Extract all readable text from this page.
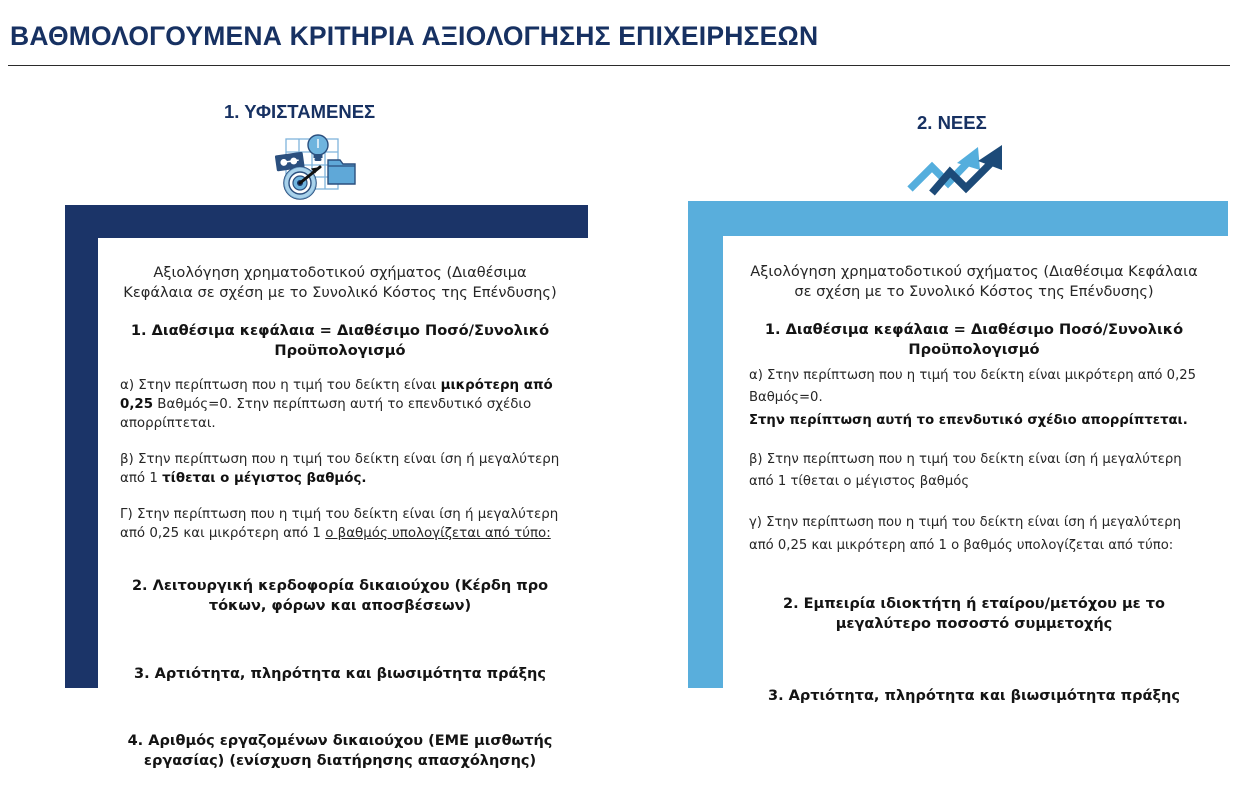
ΒΑΘΜΟΛΟΓΟΥΜΕΝΑ ΚΡΙΤΗΡΙΑ ΑΞΙΟΛΟΓΗΣΗΣ ΕΠΙΧΕΙΡΗΣΕΩΝ
1. ΥΦΙΣΤΑΜΕΝΕΣ
2. ΝΕΕΣ

Αξιολόγηση χρηματοδοτικού σχήματος (Διαθέσιμα Κεφάλαια σε σχέση με το Συνολικό Κόστος της Επένδυσης)

1. Διαθέσιμα κεφάλαια = Διαθέσιμο Ποσό/Συνολικό Προϋπολογισμό

α) Στην περίπτωση που η τιμή του δείκτη είναι μικρότερη από 0,25 Βαθμός=0. Στην περίπτωση αυτή το επενδυτικό σχέδιο απορρίπτεται.

β) Στην περίπτωση που η τιμή του δείκτη είναι ίση ή μεγαλύτερη από 1 τίθεται ο μέγιστος βαθμός.

Γ) Στην περίπτωση που η τιμή του δείκτη είναι ίση ή μεγαλύτερη από 0,25 και μικρότερη από 1 ο βαθμός υπολογίζεται από τύπο:

2. Λειτουργική κερδοφορία δικαιούχου (Κέρδη προ τόκων, φόρων και αποσβέσεων)

3. Αρτιότητα, πληρότητα και βιωσιμότητα πράξης

4. Αριθμός εργαζομένων δικαιούχου (ΕΜΕ μισθωτής εργασίας) (ενίσχυση διατήρησης απασχόλησης)

Αξιολόγηση χρηματοδοτικού σχήματος (Διαθέσιμα Κεφάλαια σε σχέση με το Συνολικό Κόστος της Επένδυσης)

1. Διαθέσιμα κεφάλαια = Διαθέσιμο Ποσό/Συνολικό Προϋπολογισμό

α) Στην περίπτωση που η τιμή του δείκτη είναι μικρότερη από 0,25 Βαθμός=0.

Στην περίπτωση αυτή το επενδυτικό σχέδιο απορρίπτεται.

β) Στην περίπτωση που η τιμή του δείκτη είναι ίση ή μεγαλύτερη από 1 τίθεται ο μέγιστος βαθμός

γ) Στην περίπτωση που η τιμή του δείκτη είναι ίση ή μεγαλύτερη από 0,25 και μικρότερη από 1 ο βαθμός υπολογίζεται από τύπο:

2. Εμπειρία ιδιοκτήτη ή εταίρου/μετόχου με το μεγαλύτερο ποσοστό συμμετοχής

3. Αρτιότητα, πληρότητα και βιωσιμότητα πράξης
